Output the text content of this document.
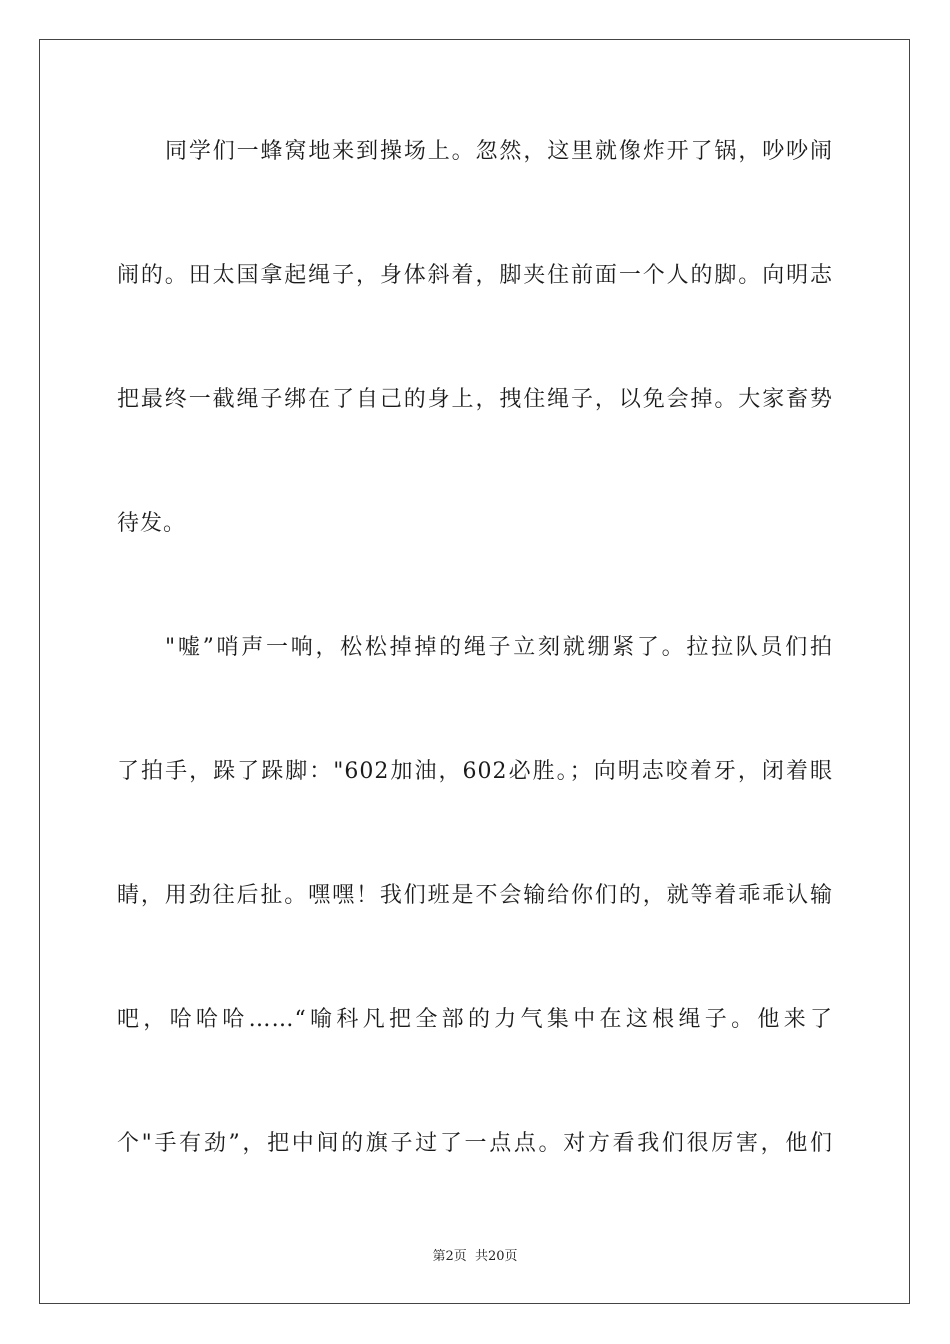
同学们一蜂窝地来到操场上。忽然，这里就像炸开了锅，吵吵闹
闹的。田太国拿起绳子，身体斜着，脚夹住前面一个人的脚。向明志
把最终一截绳子绑在了自己的身上，拽住绳子，以免会掉。大家畜势
待发。
"嘘”哨声一响，松松掉掉的绳子立刻就绷紧了。拉拉队员们拍
了拍手，跺了跺脚："602加油，602必胜。；向明志咬着牙，闭着眼
睛，用劲往后扯。嘿嘿！我们班是不会输给你们的，就等着乖乖认输
吧，哈哈哈……“喻科凡把全部的力气集中在这根绳子。他来了
个"手有劲”，把中间的旗子过了一点点。对方看我们很厉害，他们
第2页 共20页
